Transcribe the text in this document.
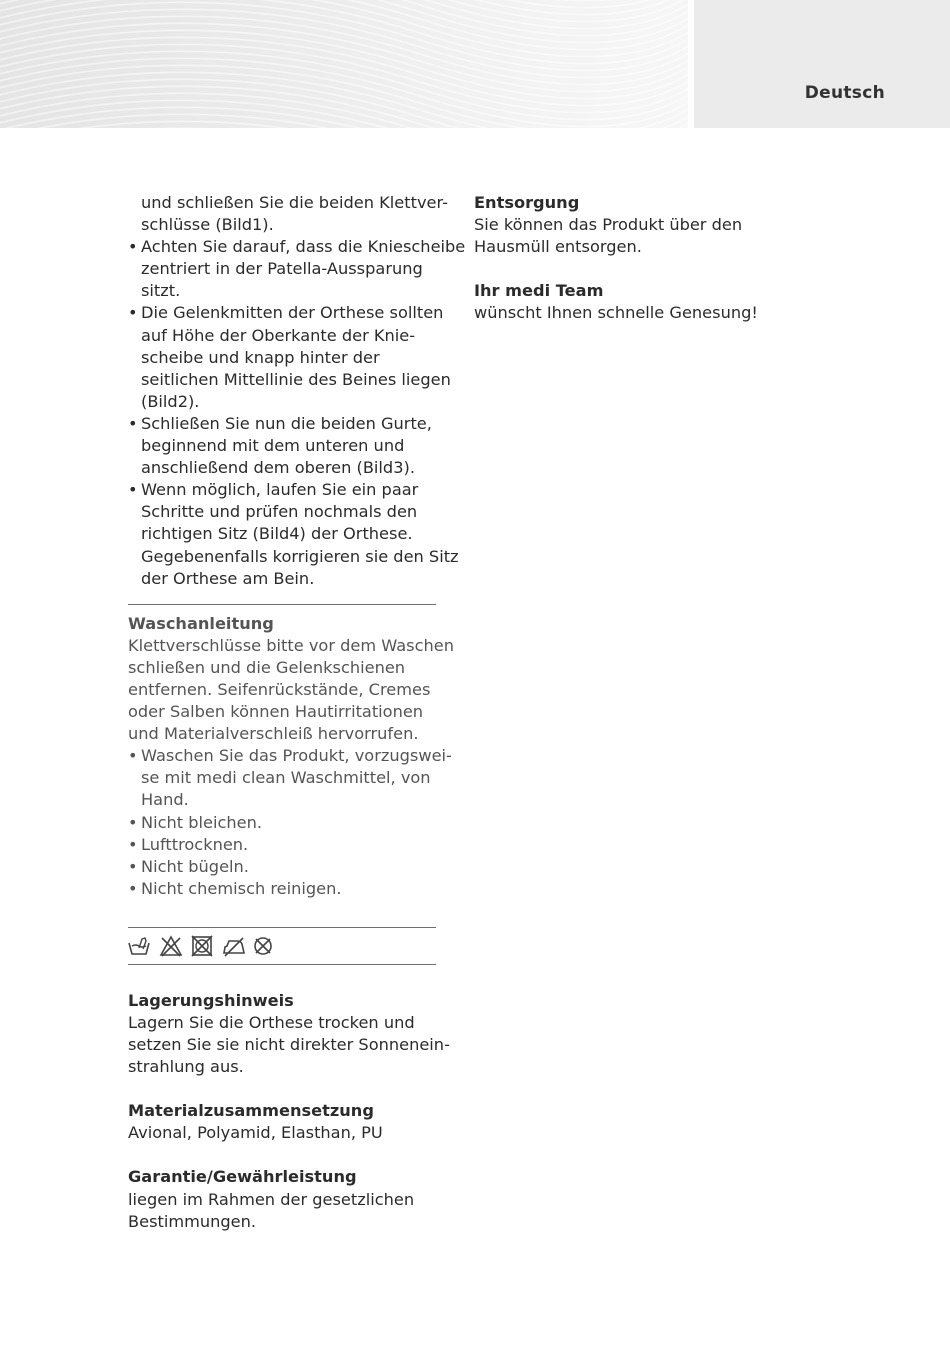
Deutsch

und schließen Sie die beiden Klettver-

schlüsse (Bild1).

• Achten Sie darauf, dass die Kniescheibe

zentriert in der Patella-Aussparung

sitzt.

• Die Gelenkmitten der Orthese sollten

auf Höhe der Oberkante der Knie-

scheibe und knapp hinter der

seitlichen Mittellinie des Beines liegen

(Bild2).

• Schließen Sie nun die beiden Gurte,

beginnend mit dem unteren und

anschließend dem oberen (Bild3).

• Wenn möglich, laufen Sie ein paar

Schritte und prüfen nochmals den

richtigen Sitz (Bild4) der Orthese.

Gegebenenfalls korrigieren sie den Sitz

der Orthese am Bein.

Waschanleitung

Klettverschlüsse bitte vor dem Waschen

schließen und die Gelenkschienen

entfernen. Seifenrückstände, Cremes

oder Salben können Hautirritationen

und Materialverschleiß hervorrufen.

• Waschen Sie das Produkt, vorzugswei-

se mit medi clean Waschmittel, von

Hand.

• Nicht bleichen.

• Lufttrocknen.

• Nicht bügeln.

• Nicht chemisch reinigen.

Lagerungshinweis

Lagern Sie die Orthese trocken und

setzen Sie sie nicht direkter Sonnenein-

strahlung aus.

Materialzusammensetzung

Avional, Polyamid, Elasthan, PU

Garantie/Gewährleistung

liegen im Rahmen der gesetzlichen

Bestimmungen.

Entsorgung

Sie können das Produkt über den

Hausmüll entsorgen.

Ihr medi Team

wünscht Ihnen schnelle Genesung!
